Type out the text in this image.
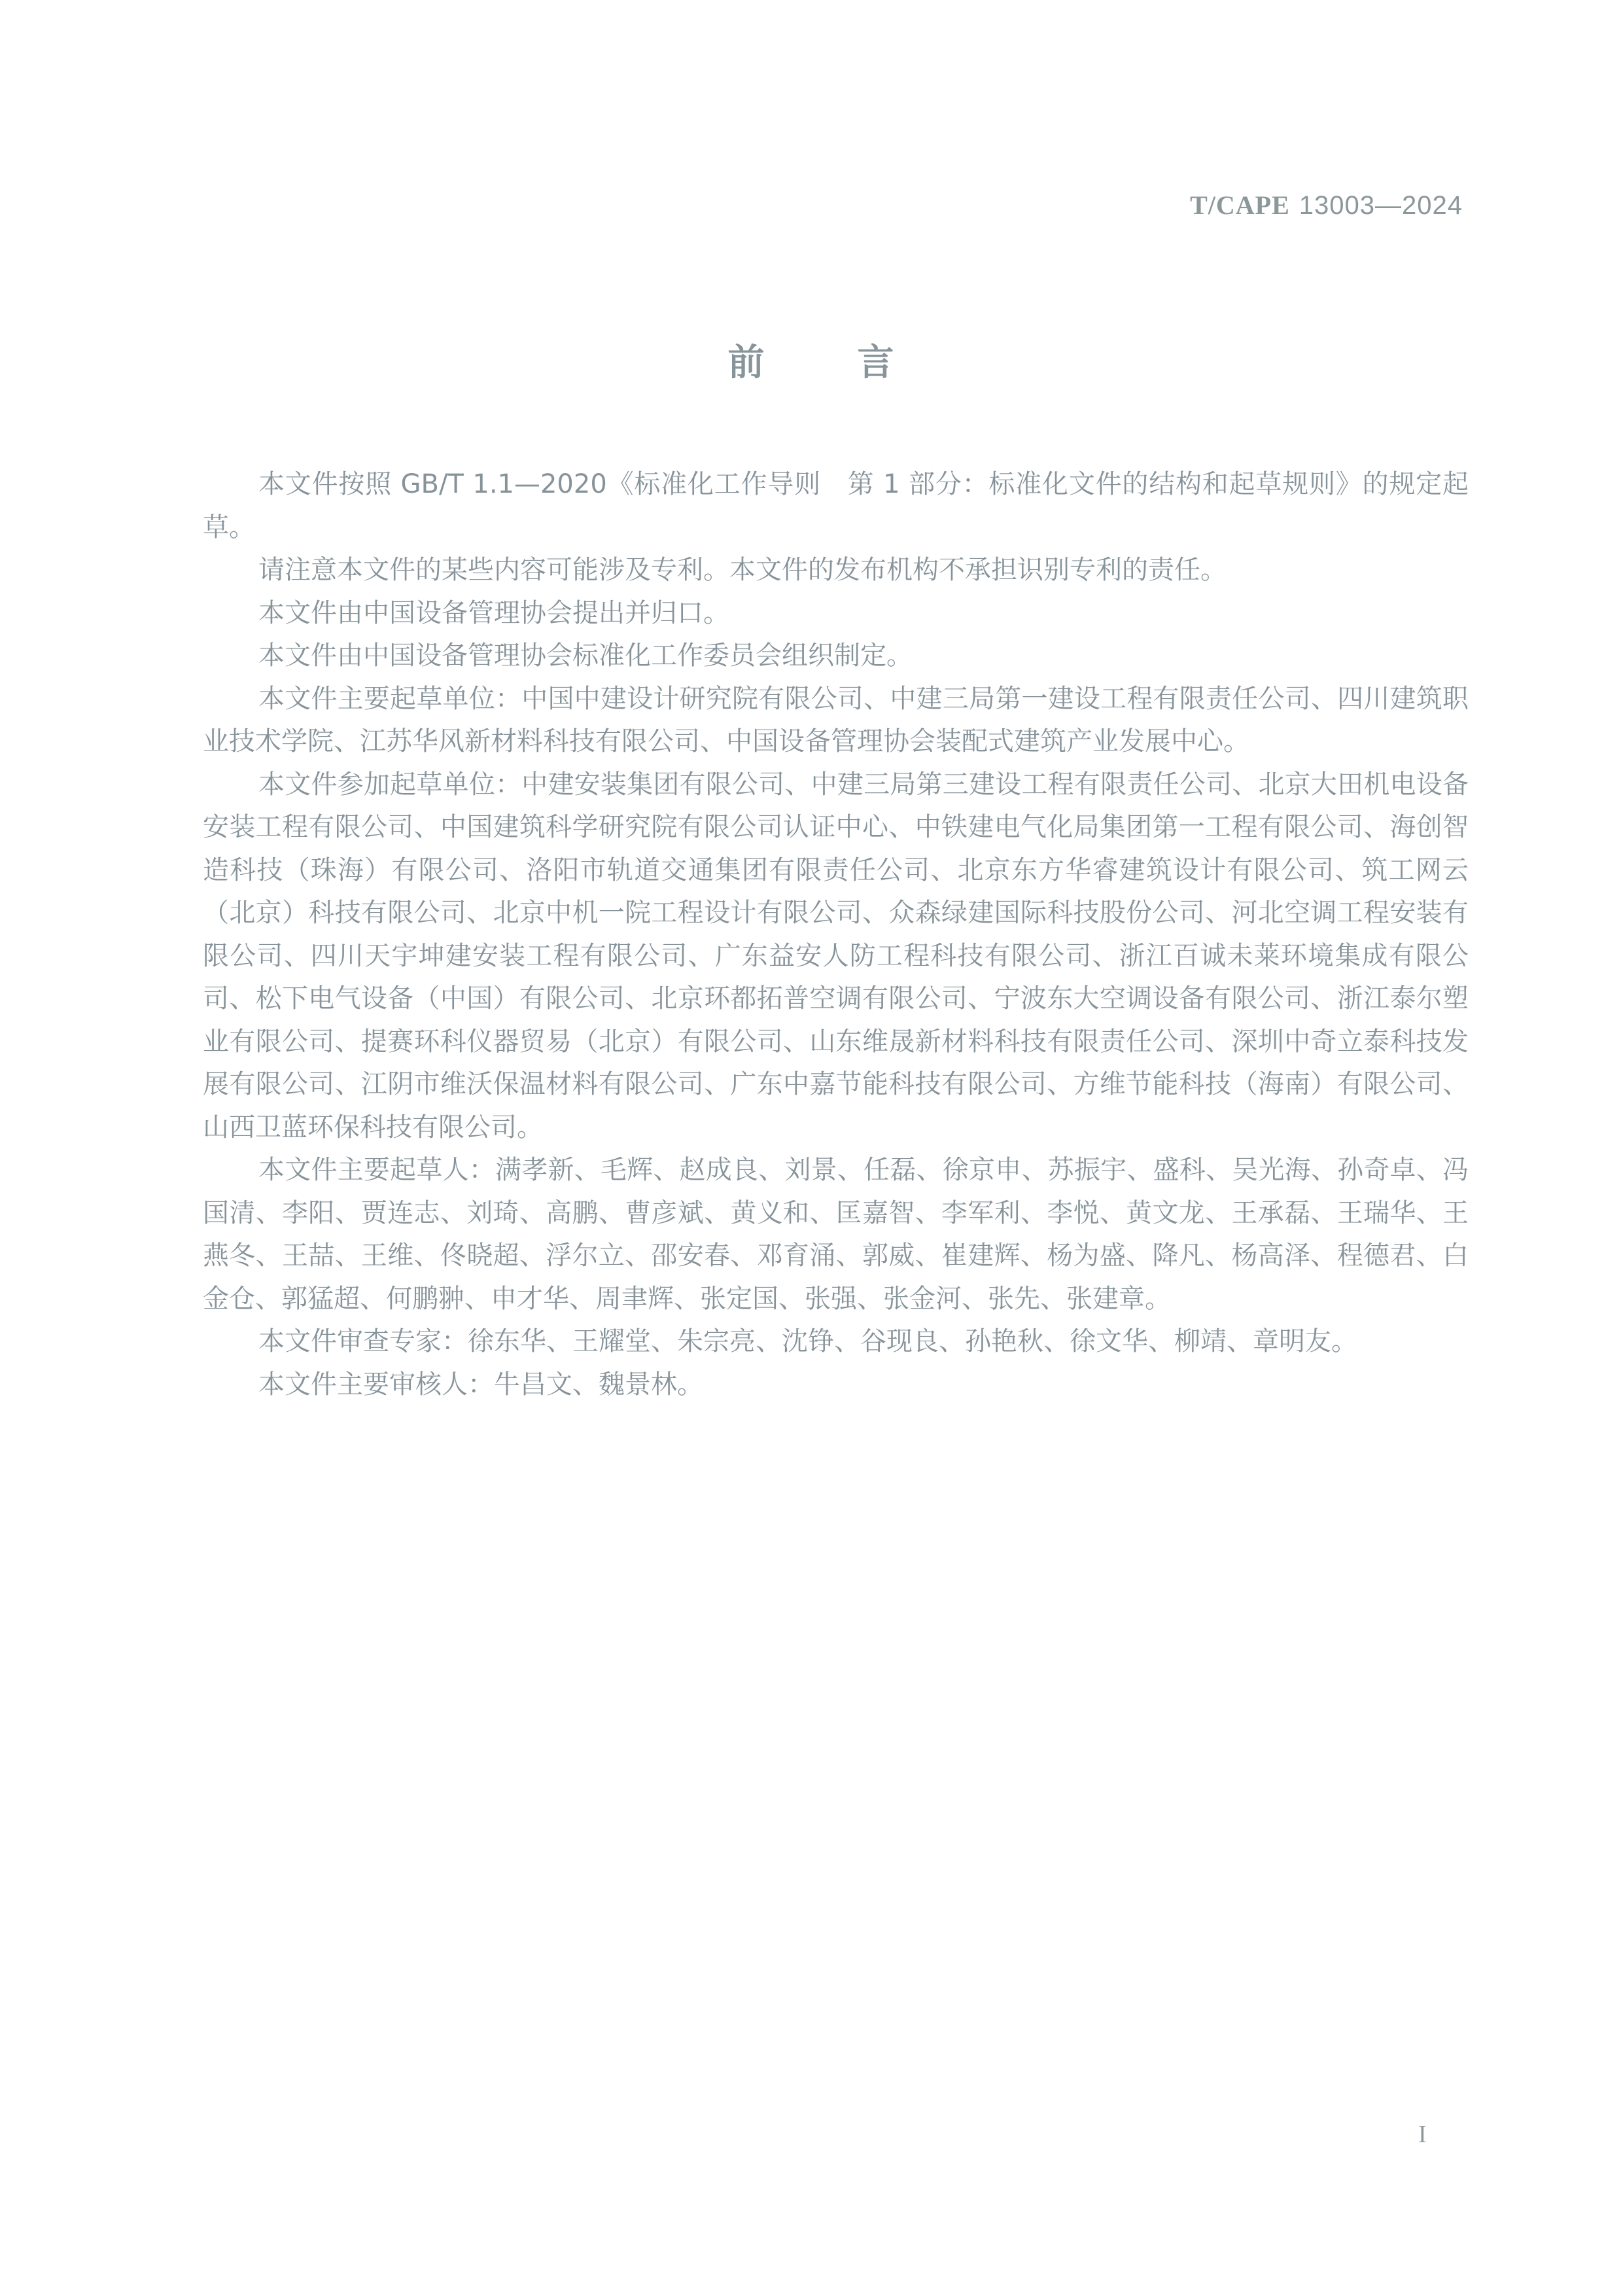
T/CAPE 13003—2024
前	言

本文件按照 GB/T 1.1—2020《标准化工作导则　第 1 部分：标准化文件的结构和起草规则》的规定起草。

请注意本文件的某些内容可能涉及专利。本文件的发布机构不承担识别专利的责任。

本文件由中国设备管理协会提出并归口。

本文件由中国设备管理协会标准化工作委员会组织制定。

本文件主要起草单位：中国中建设计研究院有限公司、中建三局第一建设工程有限责任公司、四川建筑职业技术学院、江苏华风新材料科技有限公司、中国设备管理协会装配式建筑产业发展中心。

本文件参加起草单位：中建安装集团有限公司、中建三局第三建设工程有限责任公司、北京大田机电设备安装工程有限公司、中国建筑科学研究院有限公司认证中心、中铁建电气化局集团第一工程有限公司、海创智造科技（珠海）有限公司、洛阳市轨道交通集团有限责任公司、北京东方华睿建筑设计有限公司、筑工网云（北京）科技有限公司、北京中机一院工程设计有限公司、众森绿建国际科技股份公司、河北空调工程安装有限公司、四川天宇坤建安装工程有限公司、广东益安人防工程科技有限公司、浙江百诚未莱环境集成有限公司、松下电气设备（中国）有限公司、北京环都拓普空调有限公司、宁波东大空调设备有限公司、浙江泰尔塑业有限公司、提赛环科仪器贸易（北京）有限公司、山东维晟新材料科技有限责任公司、深圳中奇立泰科技发展有限公司、江阴市维沃保温材料有限公司、广东中嘉节能科技有限公司、方维节能科技（海南）有限公司、山西卫蓝环保科技有限公司。

本文件主要起草人：满孝新、毛辉、赵成良、刘景、任磊、徐京申、苏振宇、盛科、吴光海、孙奇卓、冯国清、李阳、贾连志、刘琦、高鹏、曹彦斌、黄义和、匡嘉智、李军利、李悦、黄文龙、王承磊、王瑞华、王燕冬、王喆、王维、佟晓超、浮尔立、邵安春、邓育涌、郭威、崔建辉、杨为盛、降凡、杨高泽、程德君、白金仓、郭猛超、何鹏翀、申才华、周聿辉、张定国、张强、张金河、张先、张建章。

本文件审查专家：徐东华、王耀堂、朱宗亮、沈铮、谷现良、孙艳秋、徐文华、柳靖、章明友。

本文件主要审核人：牛昌文、魏景林。

I
